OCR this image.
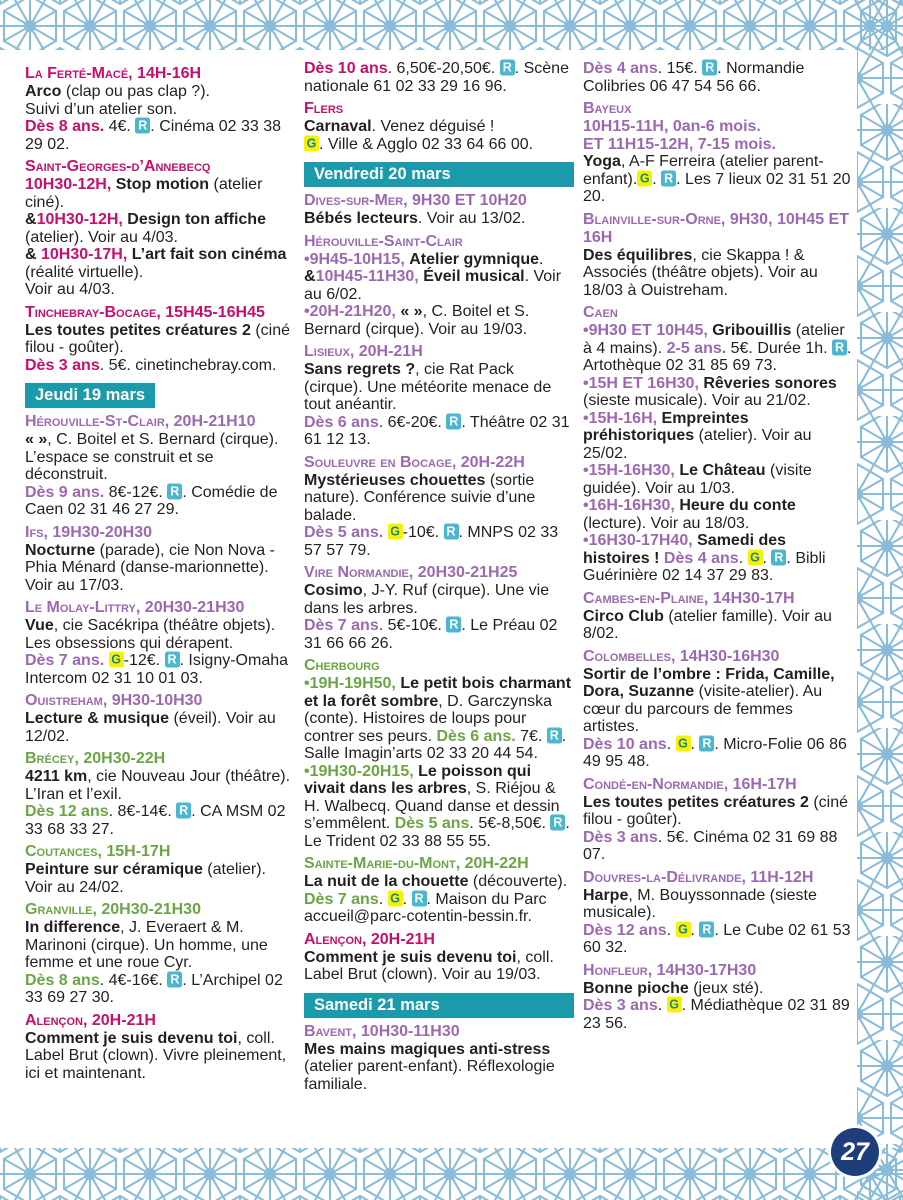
La Ferté-Macé, 14H-16H

Arco (clap ou pas clap ?).

Suivi d’un atelier son.

Dès 8 ans. 4€. R . Cinéma 02 33 38 29 02.

Saint-Georges-d’Annebecq

10H30-12H, Stop motion (atelier ciné).

&10H30-12H, Design ton affiche (atelier). Voir au 4/03.

& 10H30-17H, L’art fait son cinéma (réalité virtuelle).

Voir au 4/03.

Tinchebray-Bocage, 15H45-16H45

Les toutes petites créatures 2 (ciné filou - goûter).

Dès 3 ans. 5€. cinetinchebray.com.

Jeudi 19 mars
Hérouville-St-Clair, 20H-21H10

« », C. Boitel et S. Bernard (cirque). L’espace se construit et se déconstruit.

Dès 9 ans. 8€-12€. R . Comédie de Caen 02 31 46 27 29.

Ifs, 19H30-20H30

Nocturne (parade), cie Non Nova - Phia Ménard (danse-marionnette). Voir au 17/03.

Le Molay-Littry, 20H30-21H30

Vue, cie Sacékripa (théâtre objets). Les obsessions qui dérapent.

Dès 7 ans. G -12€. R . Isigny-Omaha Intercom 02 31 10 01 03.

Ouistreham, 9H30-10H30

Lecture & musique (éveil). Voir au 12/02.

Brécey, 20H30-22H

4211 km, cie Nouveau Jour (théâtre). L’Iran et l’exil.

Dès 12 ans. 8€-14€. R . CA MSM 02 33 68 33 27.

Coutances, 15H-17H

Peinture sur céramique (atelier). Voir au 24/02.

Granville, 20H30-21H30

In difference, J. Everaert & M. Marinoni (cirque). Un homme, une femme et une roue Cyr.

Dès 8 ans. 4€-16€. R . L’Archipel 02 33 69 27 30.

Alençon, 20H-21H

Comment je suis devenu toi, coll. Label Brut (clown). Vivre pleinement, ici et maintenant.

Dès 10 ans. 6,50€-20,50€. R . Scène nationale 61 02 33 29 16 96.

Flers

Carnaval. Venez déguisé !

G . Ville & Agglo 02 33 64 66 00.

Vendredi 20 mars
Dives-sur-Mer, 9H30 ET 10H20

Bébés lecteurs. Voir au 13/02.

Hérouville-Saint-Clair

•9H45-10H15, Atelier gymnique.

&10H45-11H30, Éveil musical. Voir au 6/02.

•20H-21H20, « », C. Boitel et S. Bernard (cirque). Voir au 19/03.

Lisieux, 20H-21H

Sans regrets ?, cie Rat Pack (cirque). Une météorite menace de tout anéantir.

Dès 6 ans. 6€-20€. R . Théâtre 02 31 61 12 13.

Souleuvre en Bocage, 20H-22H

Mystérieuses chouettes (sortie nature). Conférence suivie d’une balade.

Dès 5 ans. G -10€. R . MNPS 02 33 57 57 79.

Vire Normandie, 20H30-21H25

Cosimo, J-Y. Ruf (cirque). Une vie dans les arbres.

Dès 7 ans. 5€-10€. R . Le Préau 02 31 66 66 26.

Cherbourg

•19H-19H50, Le petit bois charmant et la forêt sombre, D. Garczynska (conte). Histoires de loups pour contrer ses peurs. Dès 6 ans. 7€. R . Salle Imagin’arts 02 33 20 44 54.

•19H30-20H15, Le poisson qui vivait dans les arbres, S. Riéjou & H. Walbecq. Quand danse et dessin s’emmêlent. Dès 5 ans. 5€-8,50€. R . Le Trident 02 33 88 55 55.

Sainte-Marie-du-Mont, 20H-22H

La nuit de la chouette (découverte).

Dès 7 ans. G . R . Maison du Parc accueil@parc-cotentin-bessin.fr.

Alençon, 20H-21H

Comment je suis devenu toi, coll. Label Brut (clown). Voir au 19/03.

Samedi 21 mars
Bavent, 10H30-11H30

Mes mains magiques anti-stress (atelier parent-enfant). Réflexologie familiale.

Dès 4 ans. 15€. R . Normandie Colibries 06 47 54 56 66.

Bayeux

10H15-11H, 0an-6 mois.

ET 11H15-12H, 7-15 mois.

Yoga, A-F Ferreira (atelier parent-enfant). G . R . Les 7 lieux 02 31 51 20 20.

Blainville-sur-Orne, 9H30, 10H45 ET 16H

Des équilibres, cie Skappa ! & Associés (théâtre objets). Voir au 18/03 à Ouistreham.

Caen

•9H30 ET 10H45, Gribouillis (atelier à 4 mains). 2-5 ans. 5€. Durée 1h. R . Artothèque 02 31 85 69 73.

•15H ET 16H30, Rêveries sonores (sieste musicale). Voir au 21/02.

•15H-16H, Empreintes préhistoriques (atelier). Voir au 25/02.

•15H-16H30, Le Château (visite guidée). Voir au 1/03.

•16H-16H30, Heure du conte (lecture). Voir au 18/03.

•16H30-17H40, Samedi des histoires ! Dès 4 ans. G . R . Bibli Guérinière 02 14 37 29 83.

Cambes-en-Plaine, 14H30-17H

Circo Club (atelier famille). Voir au 8/02.

Colombelles, 14H30-16H30

Sortir de l’ombre : Frida, Camille, Dora, Suzanne (visite-atelier). Au cœur du parcours de femmes artistes.

Dès 10 ans. G . R . Micro-Folie 06 86 49 95 48.

Condé-en-Normandie, 16H-17H

Les toutes petites créatures 2 (ciné filou - goûter).

Dès 3 ans. 5€. Cinéma 02 31 69 88 07.

Douvres-la-Délivrande, 11H-12H

Harpe, M. Bouyssonnade (sieste musicale).

Dès 12 ans. G . R . Le Cube 02 61 53 60 32.

Honfleur, 14H30-17H30

Bonne pioche (jeux sté).

Dès 3 ans. G . Médiathèque 02 31 89 23 56.

27
